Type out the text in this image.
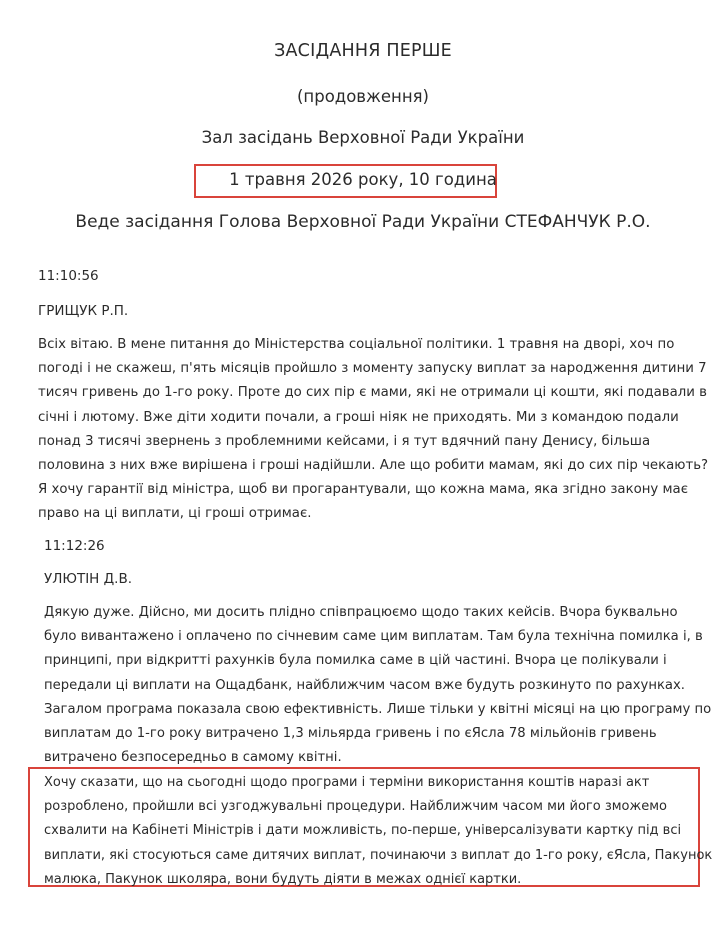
ЗАСІДАННЯ ПЕРШЕ
(продовження)
Зал засідань Верховної Ради України
1 травня 2026 року, 10 година
Веде засідання Голова Верховної Ради України СТЕФАНЧУК Р.О.
11:10:56
ГРИЩУК Р.П.
Всіх вітаю. В мене питання до Міністерства соціальної політики. 1 травня на дворі, хоч по
погоді і не скажеш, п'ять місяців пройшло з моменту запуску виплат за народження дитини 7
тисяч гривень до 1-го року. Проте до сих пір є мами, які не отримали ці кошти, які подавали в
січні і лютому. Вже діти ходити почали, а гроші ніяк не приходять. Ми з командою подали
понад 3 тисячі звернень з проблемними кейсами, і я тут вдячний пану Денису, більша
половина з них вже вирішена і гроші надійшли. Але що робити мамам, які до сих пір чекають?
Я хочу гарантії від міністра, щоб ви прогарантували, що кожна мама, яка згідно закону має
право на ці виплати, ці гроші отримає.
11:12:26
УЛЮТІН Д.В.
Дякую дуже. Дійсно, ми досить плідно співпрацюємо щодо таких кейсів. Вчора буквально
було вивантажено і оплачено по січневим саме цим виплатам. Там була технічна помилка і, в
принципі, при відкритті рахунків була помилка саме в цій частині. Вчора це полікували і
передали ці виплати на Ощадбанк, найближчим часом вже будуть розкинуто по рахунках.
Загалом програма показала свою ефективність. Лише тільки у квітні місяці на цю програму по
виплатам до 1-го року витрачено 1,3 мільярда гривень і по єЯсла 78 мільйонів гривень
витрачено безпосередньо в самому квітні.
Хочу сказати, що на сьогодні щодо програми і терміни використання коштів наразі акт
розроблено, пройшли всі узгоджувальні процедури. Найближчим часом ми його зможемо
схвалити на Кабінеті Міністрів і дати можливість, по-перше, універсалізувати картку під всі
виплати, які стосуються саме дитячих виплат, починаючи з виплат до 1-го року, єЯсла, Пакунок
малюка, Пакунок школяра, вони будуть діяти в межах однієї картки.
